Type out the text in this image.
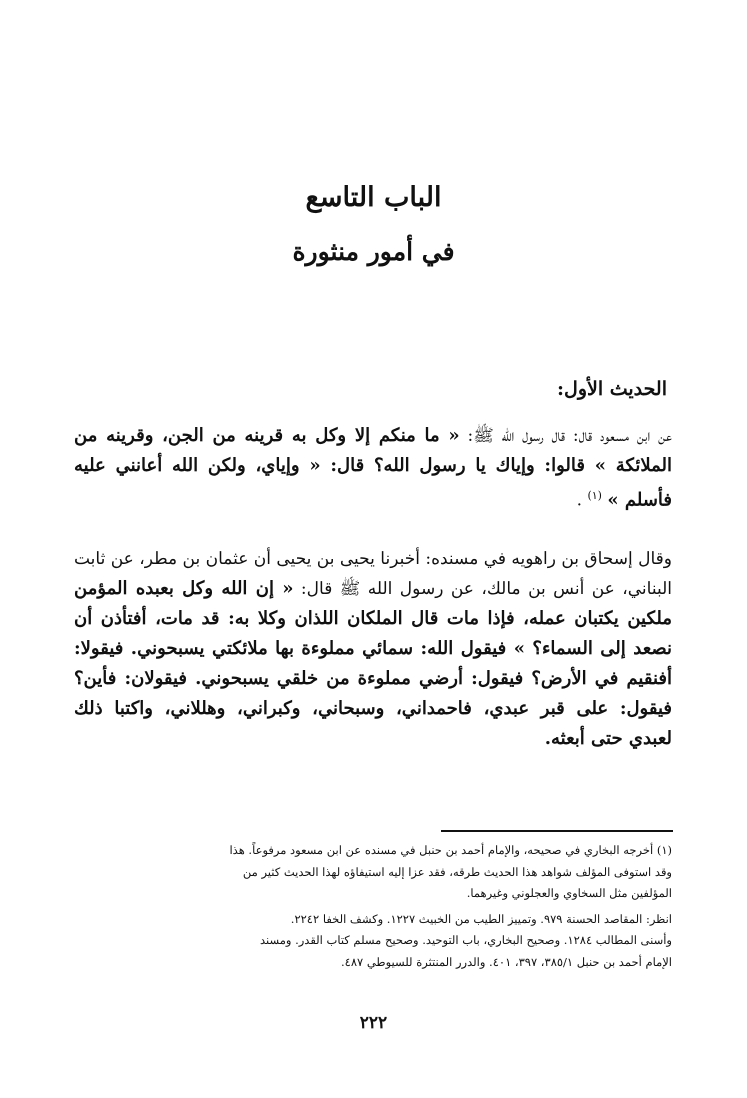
الباب التاسع
في أمور منثورة
الحديث الأول:

عن ابن مسعود قال: قال رسول الله ﷺ: « ما منكم إلا وكل به قرينه من الجن، وقرينه من الملائكة » قالوا: وإياك يا رسول الله؟ قال: « وإياي، ولكن الله أعانني عليه فأسلم » $^{(١)}$ .

وقال إسحاق بن راهويه في مسنده: أخبرنا يحيى بن يحيى أن عثمان بن مطر، عن ثابت البناني، عن أنس بن مالك، عن رسول الله ﷺ قال: « إن الله وكل بعبده المؤمن ملكين يكتبان عمله، فإذا مات قال الملكان اللذان وكلا به: قد مات، أفتأذن أن نصعد إلى السماء؟ » فيقول الله: سمائي مملوءة بها ملائكتي يسبحوني. فيقولا: أفنقيم في الأرض؟ فيقول: أرضي مملوءة من خلقي يسبحوني. فيقولان: فأين؟ فيقول: على قبر عبدي، فاحمداني، وسبحاني، وكبراني، وهللاني، واكتبا ذلك لعبدي حتى أبعثه.

(١) أخرجه البخاري في صحيحه، والإمام أحمد بن حنبل في مسنده عن ابن مسعود مرفوعاً. هذا
وقد استوفى المؤلف شواهد هذا الحديث طرقه، فقد عزا إليه استيفاؤه لهذا الحديث كثير من
المؤلفين مثل السخاوي والعجلوني وغيرهما.
انظر: المقاصد الحسنة ٩٧٩. وتمييز الطيب من الخبيث ١٢٢٧. وكشف الخفا ٢٢٤٢.
وأسنى المطالب ١٢٨٤. وصحيح البخاري، باب التوحيد. وصحيح مسلم كتاب القدر. ومسند
الإمام أحمد بن حنبل ٣٨٥/١، ٣٩٧، ٤٠١. والدرر المنتثرة للسيوطي ٤٨٧.
٢٢٢
